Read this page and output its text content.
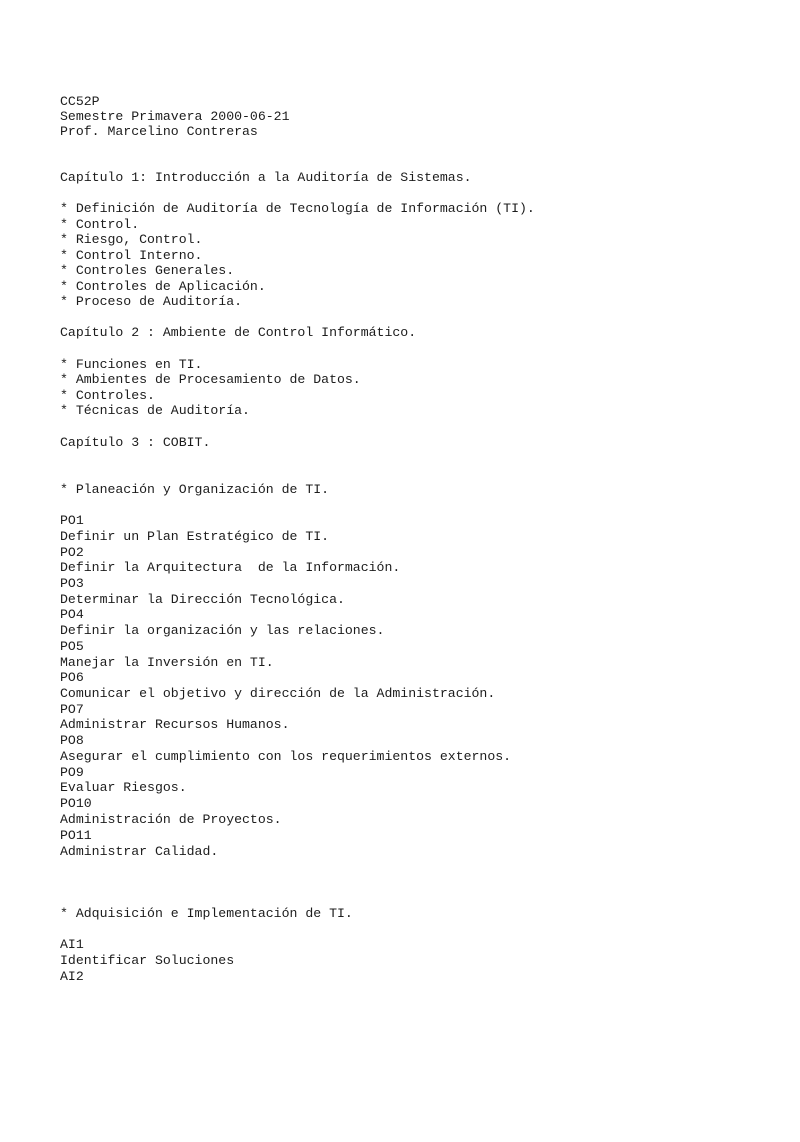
CC52P
Semestre Primavera 2000-06-21
Prof. Marcelino Contreras
Capítulo 1: Introducción a la Auditoría de Sistemas.
* Definición de Auditoría de Tecnología de Información (TI).
* Control.
* Riesgo, Control.
* Control Interno.
* Controles Generales.
* Controles de Aplicación.
* Proceso de Auditoría.
Capítulo 2 : Ambiente de Control Informático.
* Funciones en TI.
* Ambientes de Procesamiento de Datos.
* Controles.
* Técnicas de Auditoría.
Capítulo 3 : COBIT.
* Planeación y Organización de TI.
PO1
Definir un Plan Estratégico de TI.
PO2
Definir la Arquitectura  de la Información.
PO3
Determinar la Dirección Tecnológica.
PO4
Definir la organización y las relaciones.
PO5
Manejar la Inversión en TI.
PO6
Comunicar el objetivo y dirección de la Administración.
PO7
Administrar Recursos Humanos.
PO8
Asegurar el cumplimiento con los requerimientos externos.
PO9
Evaluar Riesgos.
PO10
Administración de Proyectos.
PO11
Administrar Calidad.
* Adquisición e Implementación de TI.
AI1
Identificar Soluciones
AI2
